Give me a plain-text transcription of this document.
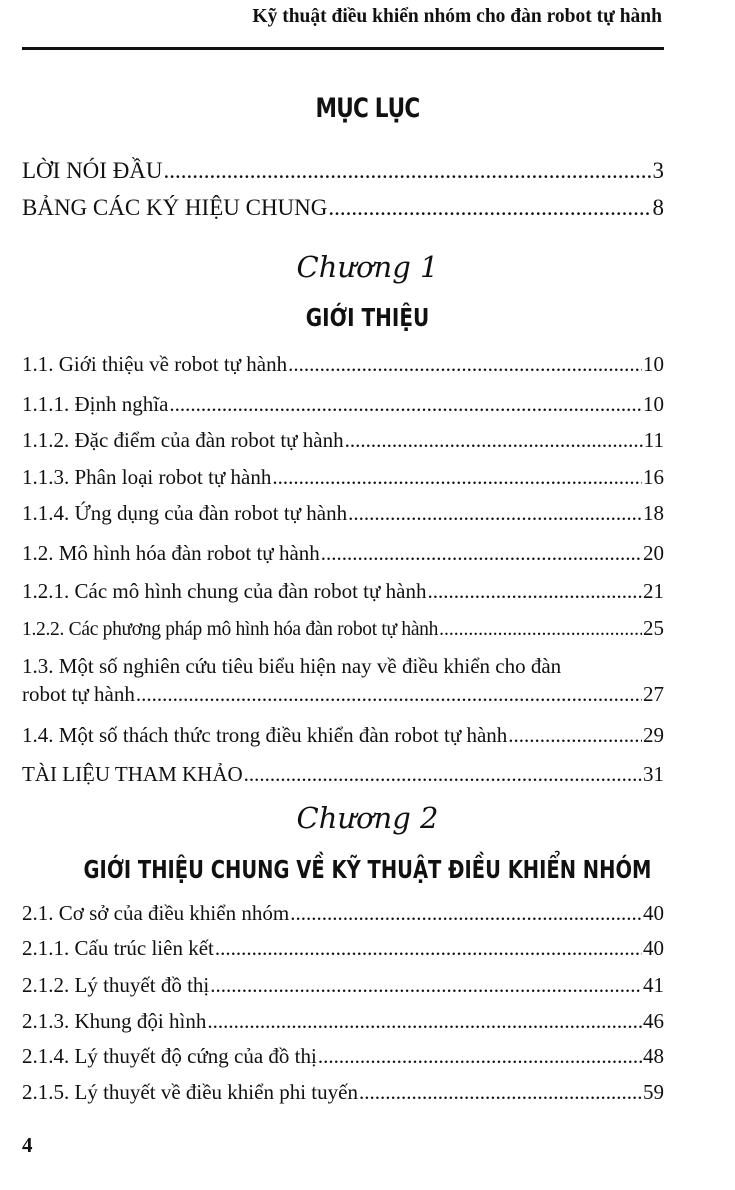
Kỹ thuật điều khiển nhóm cho đàn robot tự hành
MỤC LỤC
LỜI NÓI ĐẦU .....	3
BẢNG CÁC KÝ HIỆU CHUNG .....	8
1.1. Giới thiệu về robot tự hành .....	10
1.1.1. Định nghĩa .....	10
1.1.2. Đặc điểm của đàn robot tự hành .....	11
1.1.3. Phân loại robot tự hành .....	16
1.1.4. Ứng dụng của đàn robot tự hành .....	18
1.2. Mô hình hóa đàn robot tự hành .....	20
1.2.1. Các mô hình chung của đàn robot tự hành .....	21
1.2.2. Các phương pháp mô hình hóa đàn robot tự hành .....	25
1.3. Một số nghiên cứu tiêu biểu hiện nay về điều khiển cho đàn
robot tự hành .....	27
1.4. Một số thách thức trong điều khiển đàn robot tự hành .....	29
TÀI LIỆU THAM KHẢO .....	31
2.1. Cơ sở của điều khiển nhóm .....	40
2.1.1. Cấu trúc liên kết .....	40
2.1.2. Lý thuyết đồ thị .....	41
2.1.3. Khung đội hình .....	46
2.1.4. Lý thuyết độ cứng của đồ thị .....	48
2.1.5. Lý thuyết về điều khiển phi tuyến .....	59
Chương 1
GIỚI THIỆU
Chương 2
GIỚI THIỆU CHUNG VỀ KỸ THUẬT ĐIỀU KHIỂN NHÓM
4
